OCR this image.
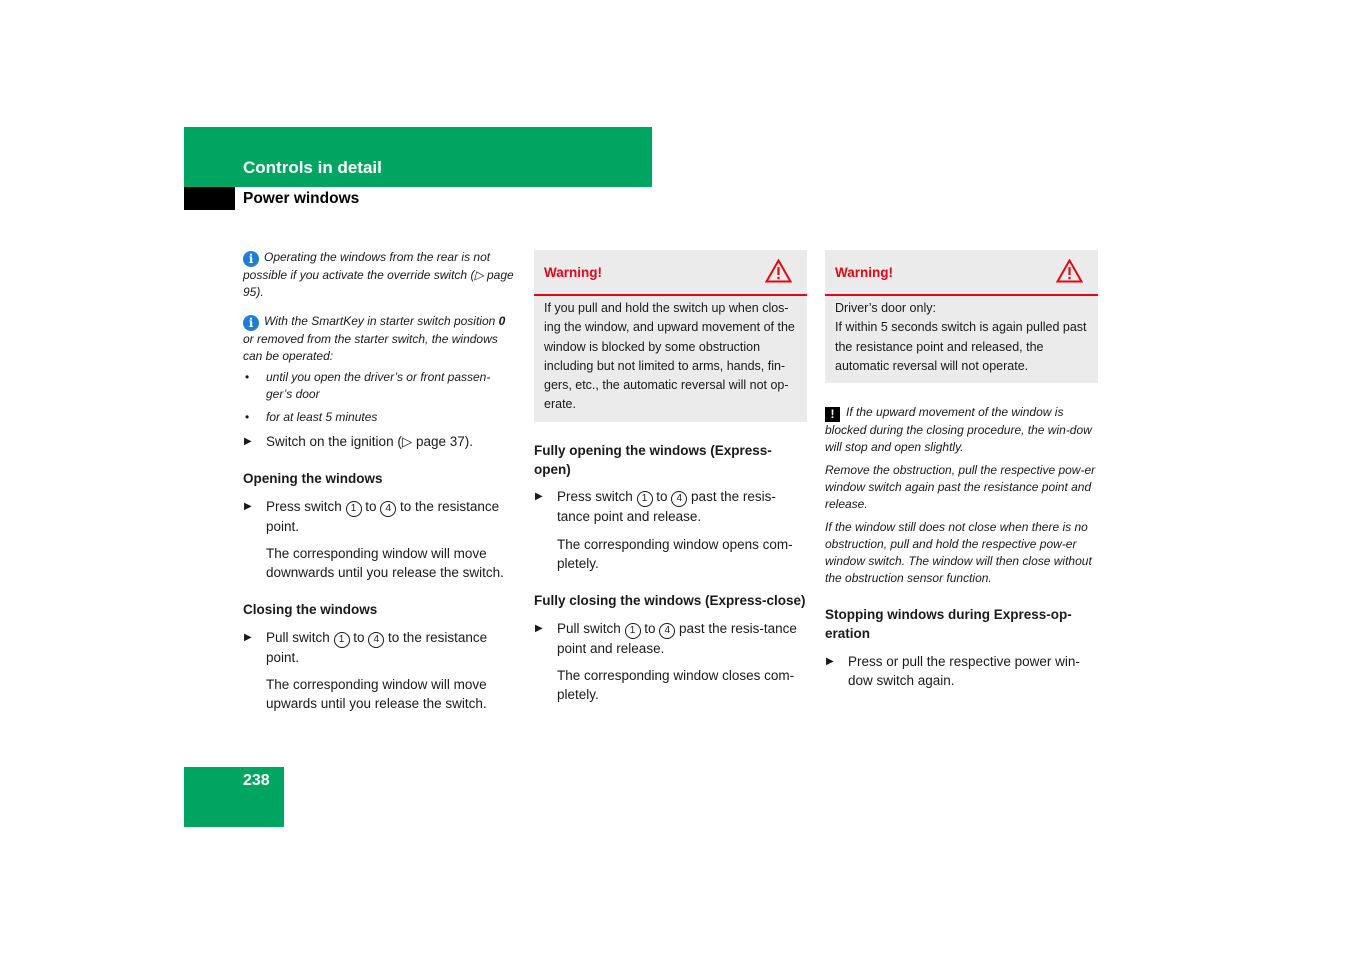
Controls in detail
Power windows

i Operating the windows from the rear is not possible if you activate the override switch (▷ page 95).

i With the SmartKey in starter switch position 0 or removed from the starter switch, the windows can be operated:

• until you open the driver’s or front passen-ger’s door
• for at least 5 minutes
▶ Switch on the ignition (▷ page 37).
Opening the windows
▶ Press switch 1 to 4 to the resistance point.
The corresponding window will move downwards until you release the switch.
Closing the windows
▶ Pull switch 1 to 4 to the resistance point.
The corresponding window will move upwards until you release the switch.
Warning!
If you pull and hold the switch up when clos-ing the window, and upward movement of the window is blocked by some obstruction including but not limited to arms, hands, fin-gers, etc., the automatic reversal will not op-erate.
Fully opening the windows (Express-open)
▶ Press switch 1 to 4 past the resis-tance point and release.
The corresponding window opens com-pletely.
Fully closing the windows (Express-close)
▶ Pull switch 1 to 4 past the resis-tance point and release.
The corresponding window closes com-pletely.
Warning!
Driver’s door only:
If within 5 seconds switch is again pulled past the resistance point and released, the automatic reversal will not operate.

! If the upward movement of the window is blocked during the closing procedure, the win-dow will stop and open slightly.

Remove the obstruction, pull the respective pow-er window switch again past the resistance point and release.

If the window still does not close when there is no obstruction, pull and hold the respective pow-er window switch. The window will then close without the obstruction sensor function.

Stopping windows during Express-op-eration
▶ Press or pull the respective power win-dow switch again.
238
